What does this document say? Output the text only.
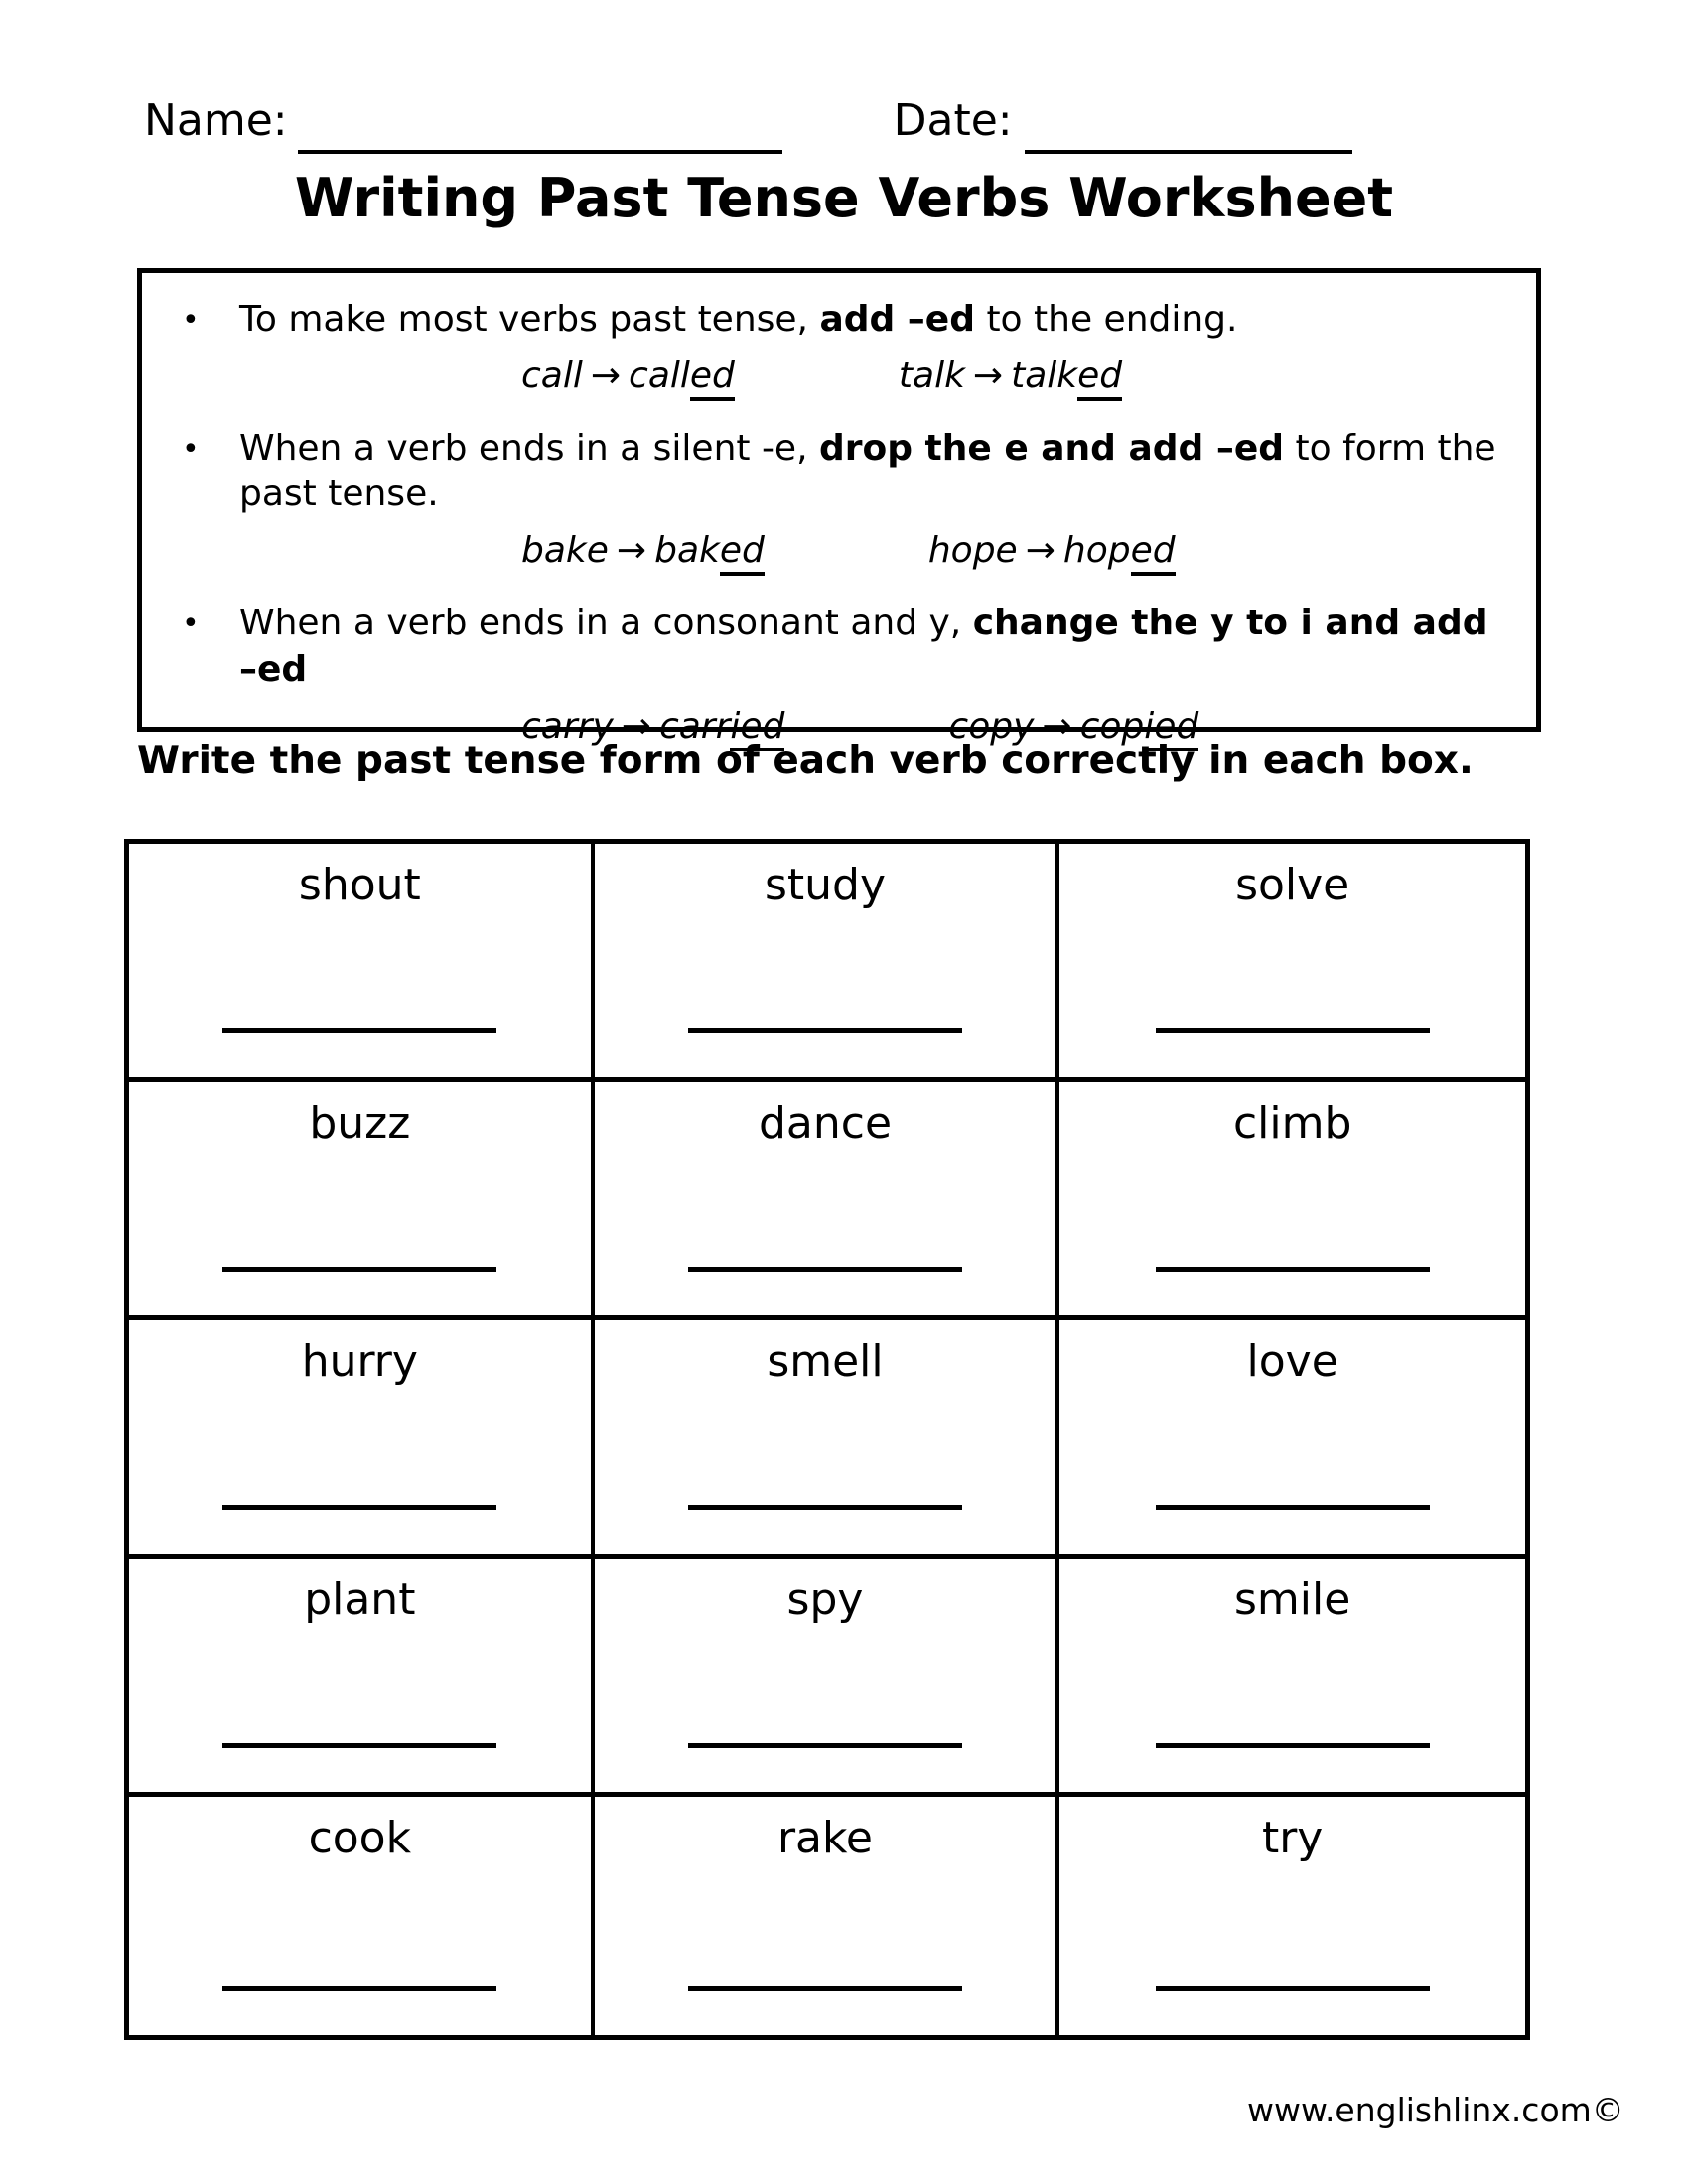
Name:	Date:
Writing Past Tense Verbs Worksheet
•	To make most verbs past tense, add –ed to the ending.
call → called	talk → talked
•	When a verb ends in a silent -e, drop the e and add –ed to form the past tense.
bake → baked	hope → hoped
•	When a verb ends in a consonant and y, change the y to i and add –ed
carry → carried	copy → copied
Write the past tense form of each verb correctly in each box.
shout	study	solve
buzz	dance	climb
hurry	smell	love
plant	spy	smile
cook	rake	try
www.englishlinx.com©
